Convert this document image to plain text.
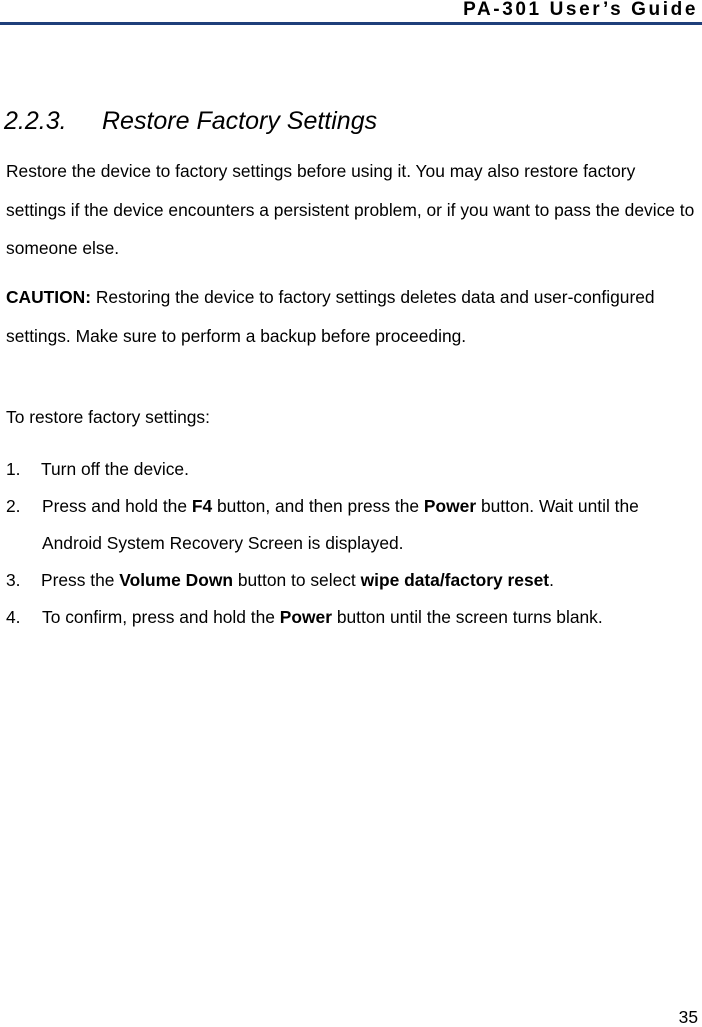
PA-301 User’s Guide
2.2.3. Restore Factory Settings

Restore the device to factory settings before using it. You may also restore factory settings if the device encounters a persistent problem, or if you want to pass the device to someone else.

CAUTION: Restoring the device to factory settings deletes data and user-configured settings. Make sure to perform a backup before proceeding.

To restore factory settings:

1. Turn off the device.
2. Press and hold the F4 button, and then press the Power button. Wait until the Android System Recovery Screen is displayed.
3. Press the Volume Down button to select wipe data/factory reset.
4. To confirm, press and hold the Power button until the screen turns blank.
35
